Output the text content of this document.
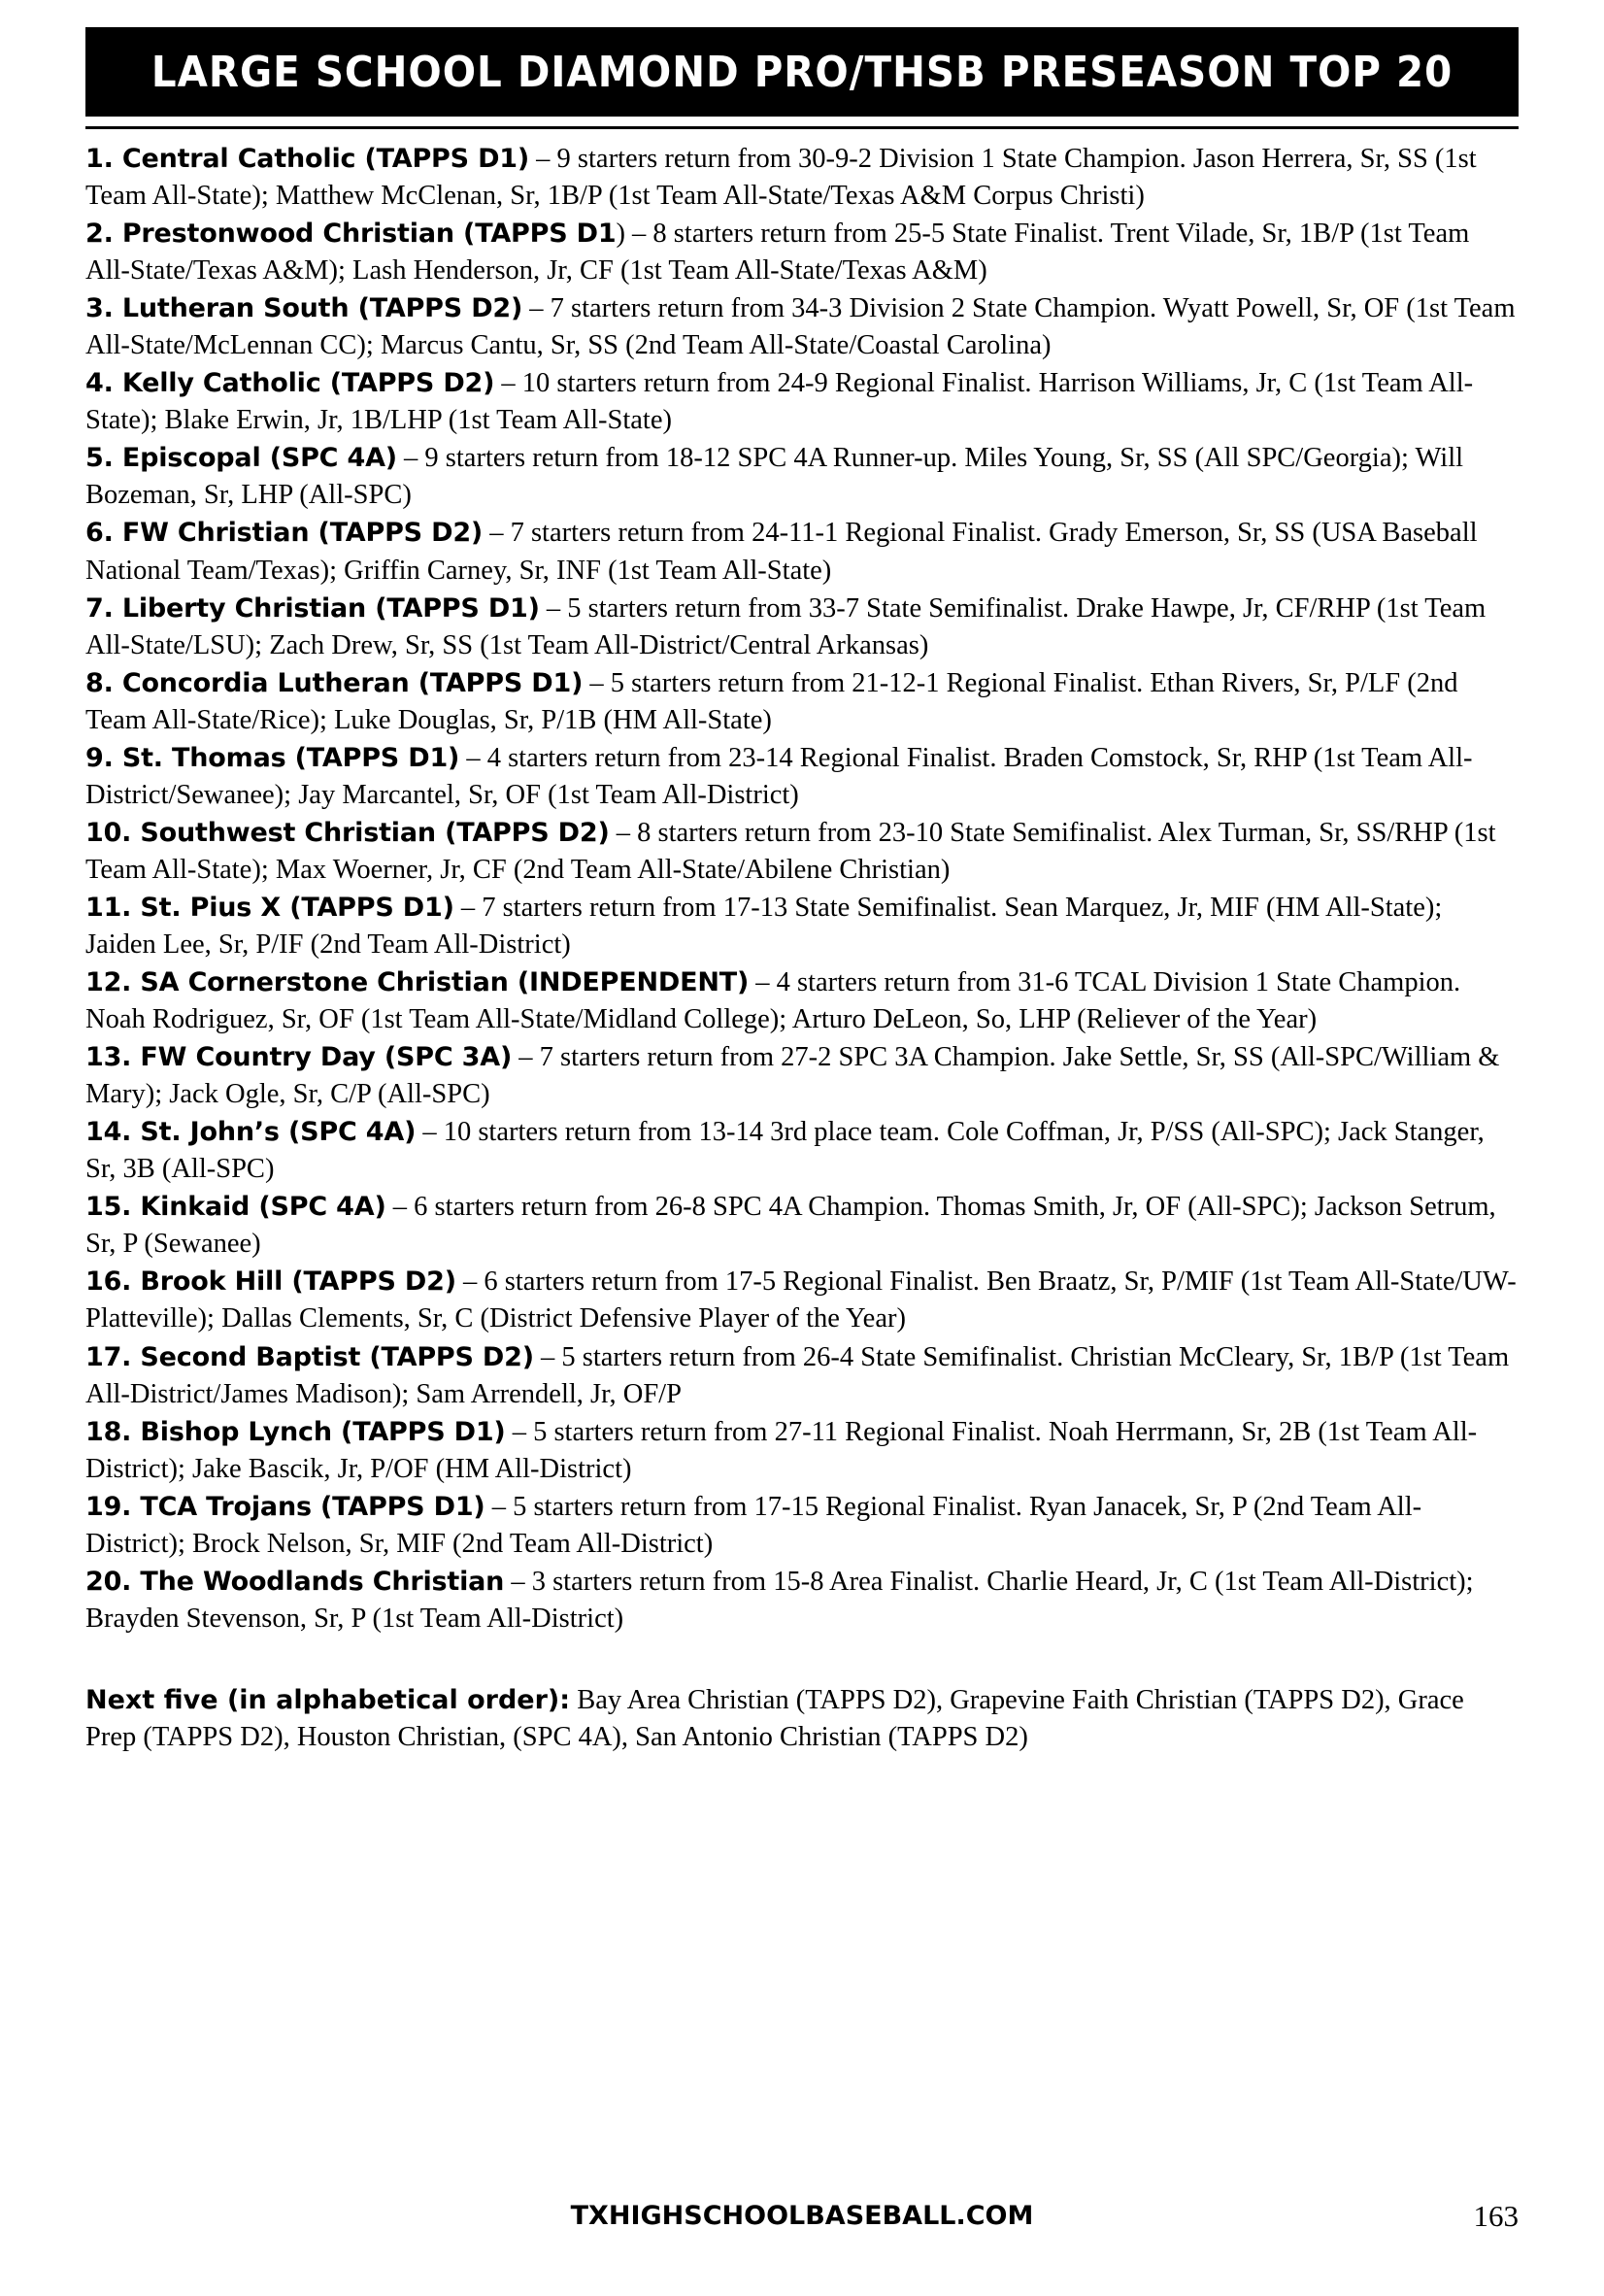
LARGE SCHOOL DIAMOND PRO/THSB PRESEASON TOP 20

1. Central Catholic (TAPPS D1) – 9 starters return from 30-9-2 Division 1 State Champion. Jason Herrera, Sr, SS (1st Team All-State); Matthew McClenan, Sr, 1B/P (1st Team All-State/Texas A&M Corpus Christi)

2. Prestonwood Christian (TAPPS D1) – 8 starters return from 25-5 State Finalist. Trent Vilade, Sr, 1B/P (1st Team All-State/Texas A&M); Lash Henderson, Jr, CF (1st Team All-State/Texas A&M)

3. Lutheran South (TAPPS D2) – 7 starters return from 34-3 Division 2 State Champion. Wyatt Powell, Sr, OF (1st Team All-State/McLennan CC); Marcus Cantu, Sr, SS (2nd Team All-State/Coastal Carolina)

4. Kelly Catholic (TAPPS D2) – 10 starters return from 24-9 Regional Finalist. Harrison Williams, Jr, C (1st Team All-State); Blake Erwin, Jr, 1B/LHP (1st Team All-State)

5. Episcopal (SPC 4A) – 9 starters return from 18-12 SPC 4A Runner-up. Miles Young, Sr, SS (All SPC/Georgia); Will Bozeman, Sr, LHP (All-SPC)

6. FW Christian (TAPPS D2) – 7 starters return from 24-11-1 Regional Finalist. Grady Emerson, Sr, SS (USA Baseball National Team/Texas); Griffin Carney, Sr, INF (1st Team All-State)

7. Liberty Christian (TAPPS D1) – 5 starters return from 33-7 State Semifinalist. Drake Hawpe, Jr, CF/RHP (1st Team All-State/LSU); Zach Drew, Sr, SS (1st Team All-District/Central Arkansas)

8. Concordia Lutheran (TAPPS D1) – 5 starters return from 21-12-1 Regional Finalist. Ethan Rivers, Sr, P/LF (2nd Team All-State/Rice); Luke Douglas, Sr, P/1B (HM All-State)

9. St. Thomas (TAPPS D1) – 4 starters return from 23-14 Regional Finalist. Braden Comstock, Sr, RHP (1st Team All-District/Sewanee); Jay Marcantel, Sr, OF (1st Team All-District)

10. Southwest Christian (TAPPS D2) – 8 starters return from 23-10 State Semifinalist. Alex Turman, Sr, SS/RHP (1st Team All-State); Max Woerner, Jr, CF (2nd Team All-State/Abilene Christian)

11. St. Pius X (TAPPS D1) – 7 starters return from 17-13 State Semifinalist. Sean Marquez, Jr, MIF (HM All-State); Jaiden Lee, Sr, P/IF (2nd Team All-District)

12. SA Cornerstone Christian (INDEPENDENT) – 4 starters return from 31-6 TCAL Division 1 State Champion. Noah Rodriguez, Sr, OF (1st Team All-State/Midland College); Arturo DeLeon, So, LHP (Reliever of the Year)

13. FW Country Day (SPC 3A) – 7 starters return from 27-2 SPC 3A Champion. Jake Settle, Sr, SS (All-SPC/William & Mary); Jack Ogle, Sr, C/P (All-SPC)

14. St. John’s (SPC 4A) – 10 starters return from 13-14 3rd place team. Cole Coffman, Jr, P/SS (All-SPC); Jack Stanger, Sr, 3B (All-SPC)

15. Kinkaid (SPC 4A) – 6 starters return from 26-8 SPC 4A Champion. Thomas Smith, Jr, OF (All-SPC); Jackson Setrum, Sr, P (Sewanee)

16. Brook Hill (TAPPS D2) – 6 starters return from 17-5 Regional Finalist. Ben Braatz, Sr, P/MIF (1st Team All-State/UW-Platteville); Dallas Clements, Sr, C (District Defensive Player of the Year)

17. Second Baptist (TAPPS D2) – 5 starters return from 26-4 State Semifinalist. Christian McCleary, Sr, 1B/P (1st Team All-District/James Madison); Sam Arrendell, Jr, OF/P

18. Bishop Lynch (TAPPS D1) – 5 starters return from 27-11 Regional Finalist. Noah Herrmann, Sr, 2B (1st Team All-District); Jake Bascik, Jr, P/OF (HM All-District)

19. TCA Trojans (TAPPS D1) – 5 starters return from 17-15 Regional Finalist. Ryan Janacek, Sr, P (2nd Team All-District); Brock Nelson, Sr, MIF (2nd Team All-District)

20. The Woodlands Christian – 3 starters return from 15-8 Area Finalist. Charlie Heard, Jr, C (1st Team All-District); Brayden Stevenson, Sr, P (1st Team All-District)

Next five (in alphabetical order): Bay Area Christian (TAPPS D2), Grapevine Faith Christian (TAPPS D2), Grace Prep (TAPPS D2), Houston Christian, (SPC 4A), San Antonio Christian (TAPPS D2)

TXHIGHSCHOOLBASEBALL.COM	163
